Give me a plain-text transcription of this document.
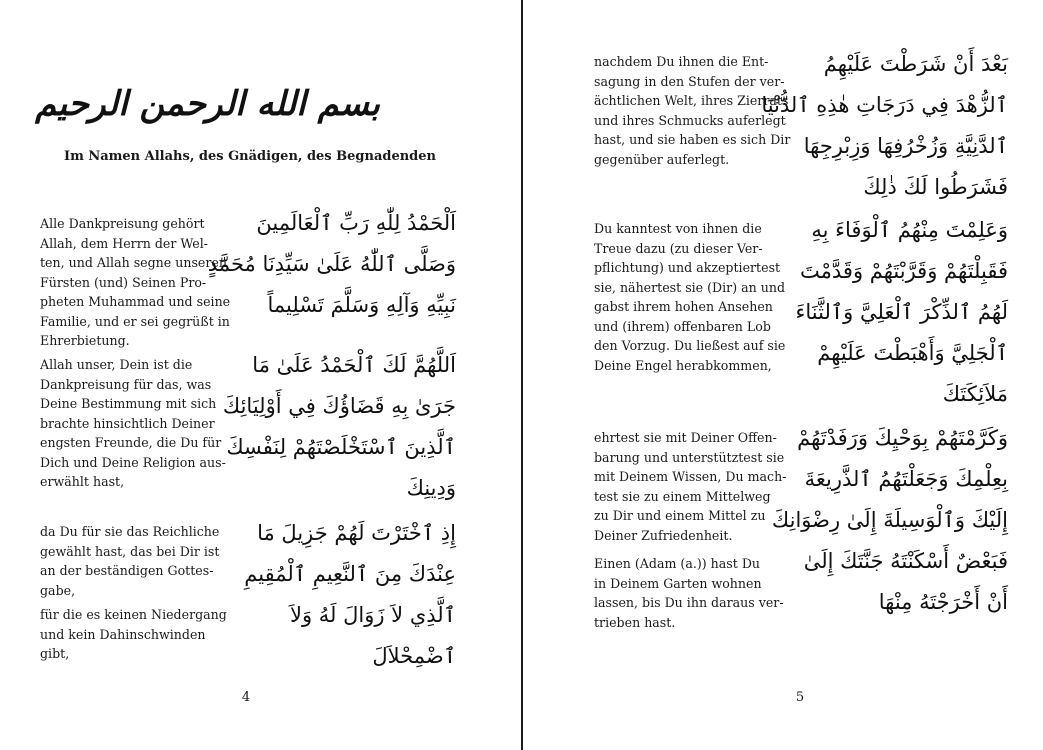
بسم الله الرحمن الرحيم
Im Namen Allahs, des Gnädigen, des Begnadenden
Alle Dankpreisung gehört
Allah, dem Herrn der Wel-
ten, und Allah segne unseren
Fürsten (und) Seinen Pro-
pheten Muhammad und seine
Familie, und er sei gegrüßt in
Ehrerbietung.
Allah unser, Dein ist die
Dankpreisung für das, was
Deine Bestimmung mit sich
brachte hinsichtlich Deiner
engsten Freunde, die Du für
Dich und Deine Religion aus-
erwählt hast,
da Du für sie das Reichliche
gewählt hast, das bei Dir ist
an der beständigen Gottes-
gabe,
für die es keinen Niedergang
und kein Dahinschwinden
gibt,
اَلْحَمْدُ لِلّٰهِ رَبِّ ٱلْعَالَمِينَ
وَصَلَّى ٱللّٰهُ عَلَىٰ سَيِّدِنَا مُحَمَّدٍ
نَبِيِّهِ وَآلِهِ وَسَلَّمَ تَسْلِيماً
اَللَّهُمَّ لَكَ ٱلْحَمْدُ عَلَىٰ مَا
جَرَىٰ بِهِ قَضَاؤُكَ فِي أَوْلِيَائِكَ
ٱلَّذِينَ ٱسْتَخْلَصْتَهُمْ لِنَفْسِكَ
وَدِينِكَ
إِذِ ٱخْتَرْتَ لَهُمْ جَزِيلَ مَا
عِنْدَكَ مِنَ ٱلنَّعِيمِ ٱلْمُقِيمِ
ٱلَّذِي لاَ زَوَالَ لَهُ وَلاَ
ٱضْمِحْلاَلَ
4
nachdem Du ihnen die Ent-
sagung in den Stufen der ver-
ächtlichen Welt, ihres Zierrats
und ihres Schmucks auferlegt
hast, und sie haben es sich Dir
gegenüber auferlegt.
Du kanntest von ihnen die
Treue dazu (zu dieser Ver-
pflichtung) und akzeptiertest
sie, nähertest sie (Dir) an und
gabst ihrem hohen Ansehen
und (ihrem) offenbaren Lob
den Vorzug. Du ließest auf sie
Deine Engel herabkommen,
ehrtest sie mit Deiner Offen-
barung und unterstütztest sie
mit Deinem Wissen, Du mach-
test sie zu einem Mittelweg
zu Dir und einem Mittel zu
Deiner Zufriedenheit.
Einen (Adam (a.)) hast Du
in Deinem Garten wohnen
lassen, bis Du ihn daraus ver-
trieben hast.
بَعْدَ أَنْ شَرَطْتَ عَلَيْهِمُ
ٱلزُّهْدَ فِي دَرَجَاتِ هٰذِهِ ٱلدُّنْيَا
ٱلدَّنِيَّةِ وَزُخْرُفِهَا وَزِبْرِجِهَا
فَشَرَطُوا لَكَ ذٰلِكَ
وَعَلِمْتَ مِنْهُمُ ٱلْوَفَاءَ بِهِ
فَقَبِلْتَهُمْ وَقَرَّبْتَهُمْ وَقَدَّمْتَ
لَهُمُ ٱلذِّكْرَ ٱلْعَلِيَّ وَٱلثَّنَاءَ
ٱلْجَلِيَّ وَأَهْبَطْتَ عَلَيْهِمْ
مَلاَئِكَتَكَ
وَكَرَّمْتَهُمْ بِوَحْيِكَ وَرَفَدْتَهُمْ
بِعِلْمِكَ وَجَعَلْتَهُمُ ٱلذَّرِيعَةَ
إِلَيْكَ وَٱلْوَسِيلَةَ إِلَىٰ رِضْوَانِكَ
فَبَعْضٌ أَسْكَنْتَهُ جَنَّتَكَ إِلَىٰ
أَنْ أَخْرَجْتَهُ مِنْهَا
5
